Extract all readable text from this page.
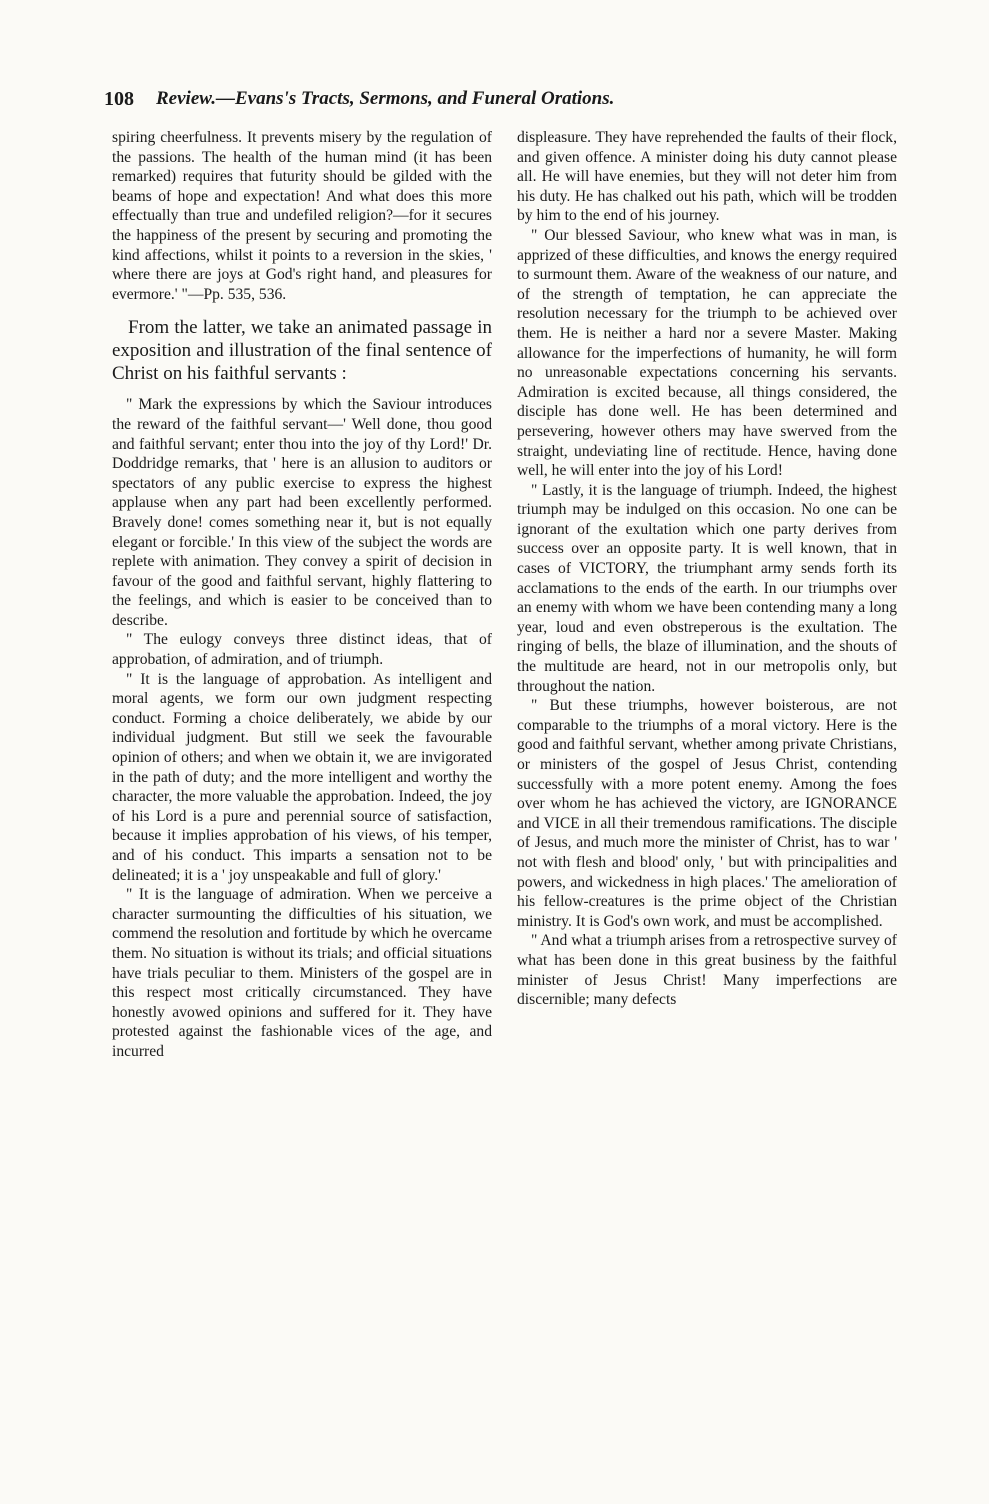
108 Review.—Evans's Tracts, Sermons, and Funeral Orations.

spiring cheerfulness. It prevents misery by the regulation of the passions. The health of the human mind (it has been remarked) requires that futurity should be gilded with the beams of hope and expectation! And what does this more effectually than true and undefiled religion?—for it secures the happiness of the present by securing and promoting the kind affections, whilst it points to a reversion in the skies, ' where there are joys at God's right hand, and pleasures for evermore.' "—Pp. 535, 536.

From the latter, we take an animated passage in exposition and illustration of the final sentence of Christ on his faithful servants :

" Mark the expressions by which the Saviour introduces the reward of the faithful servant—' Well done, thou good and faithful servant; enter thou into the joy of thy Lord!' Dr. Doddridge remarks, that ' here is an allusion to auditors or spectators of any public exercise to express the highest applause when any part had been excellently performed. Bravely done! comes something near it, but is not equally elegant or forcible.' In this view of the subject the words are replete with animation. They convey a spirit of decision in favour of the good and faithful servant, highly flattering to the feelings, and which is easier to be conceived than to describe.

" The eulogy conveys three distinct ideas, that of approbation, of admiration, and of triumph.

" It is the language of approbation. As intelligent and moral agents, we form our own judgment respecting conduct. Forming a choice deliberately, we abide by our individual judgment. But still we seek the favourable opinion of others; and when we obtain it, we are invigorated in the path of duty; and the more intelligent and worthy the character, the more valuable the approbation. Indeed, the joy of his Lord is a pure and perennial source of satisfaction, because it implies approbation of his views, of his temper, and of his conduct. This imparts a sensation not to be delineated; it is a ' joy unspeakable and full of glory.'

" It is the language of admiration. When we perceive a character surmounting the difficulties of his situation, we commend the resolution and fortitude by which he overcame them. No situation is without its trials; and official situations have trials peculiar to them. Ministers of the gospel are in this respect most critically circumstanced. They have honestly avowed opinions and suffered for it. They have protested against the fashionable vices of the age, and incurred

displeasure. They have reprehended the faults of their flock, and given offence. A minister doing his duty cannot please all. He will have enemies, but they will not deter him from his duty. He has chalked out his path, which will be trodden by him to the end of his journey.

" Our blessed Saviour, who knew what was in man, is apprized of these difficulties, and knows the energy required to surmount them. Aware of the weakness of our nature, and of the strength of temptation, he can appreciate the resolution necessary for the triumph to be achieved over them. He is neither a hard nor a severe Master. Making allowance for the imperfections of humanity, he will form no unreasonable expectations concerning his servants. Admiration is excited because, all things considered, the disciple has done well. He has been determined and persevering, however others may have swerved from the straight, undeviating line of rectitude. Hence, having done well, he will enter into the joy of his Lord!

" Lastly, it is the language of triumph. Indeed, the highest triumph may be indulged on this occasion. No one can be ignorant of the exultation which one party derives from success over an opposite party. It is well known, that in cases of VICTORY, the triumphant army sends forth its acclamations to the ends of the earth. In our triumphs over an enemy with whom we have been contending many a long year, loud and even obstreperous is the exultation. The ringing of bells, the blaze of illumination, and the shouts of the multitude are heard, not in our metropolis only, but throughout the nation.

" But these triumphs, however boisterous, are not comparable to the triumphs of a moral victory. Here is the good and faithful servant, whether among private Christians, or ministers of the gospel of Jesus Christ, contending successfully with a more potent enemy. Among the foes over whom he has achieved the victory, are IGNORANCE and VICE in all their tremendous ramifications. The disciple of Jesus, and much more the minister of Christ, has to war ' not with flesh and blood' only, ' but with principalities and powers, and wickedness in high places.' The amelioration of his fellow-creatures is the prime object of the Christian ministry. It is God's own work, and must be accomplished.

" And what a triumph arises from a retrospective survey of what has been done in this great business by the faithful minister of Jesus Christ! Many imperfections are discernible; many defects
